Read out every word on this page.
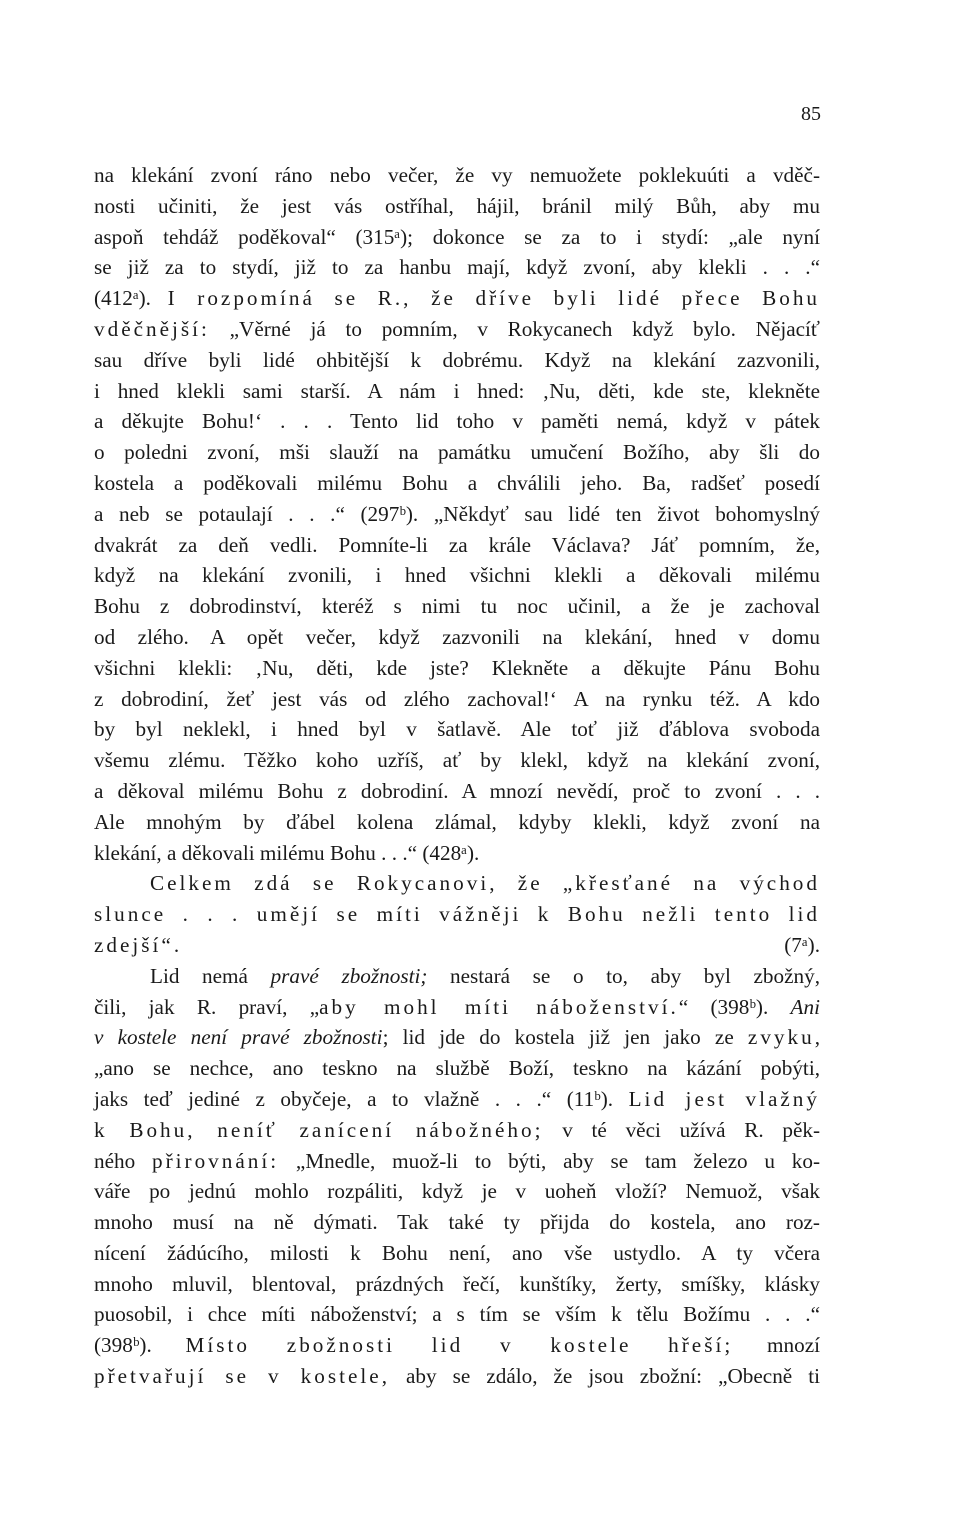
85
na klekání zvoní ráno nebo večer, že vy nemuožete poklekuúti a vděč-
nosti učiniti, že jest vás ostříhal, hájil, bránil milý Bůh, aby mu
aspoň tehdáž poděkoval“ (315ᵃ); dokonce se za to i stydí: „ale nyní
se již za to stydí, již to za hanbu mají, když zvoní, aby klekli . . .“
(412ᵃ). I rozpomíná se R., že dříve byli lidé přece Bohu
vděčnější: „Věrné já to pomním, v Rokycanech když bylo. Nějacíť
sau dříve byli lidé ohbitější k dobrému. Když na klekání zazvonili,
i hned klekli sami starší. A nám i hned: ‚Nu, děti, kde ste, klekněte
a děkujte Bohu!‘ . . . Tento lid toho v paměti nemá, když v pátek
o poledni zvoní, mši slauží na památku umučení Božího, aby šli do
kostela a poděkovali milému Bohu a chválili jeho. Ba, radšeť posedí
a neb se potaulají . . .“ (297ᵇ). „Někdyť sau lidé ten život bohomyslný
dvakrát za deň vedli. Pomníte-li za krále Václava? Jáť pomním, že,
když na klekání zvonili, i hned všichni klekli a děkovali milému
Bohu z dobrodinství, kteréž s nimi tu noc učinil, a že je zachoval
od zlého. A opět večer, když zazvonili na klekání, hned v domu
všichni klekli: ‚Nu, děti, kde jste? Klekněte a děkujte Pánu Bohu
z dobrodiní, žeť jest vás od zlého zachoval!‘ A na rynku též. A kdo
by byl neklekl, i hned byl v šatlavě. Ale toť již ďáblova svoboda
všemu zlému. Těžko koho uzříš, ať by klekl, když na klekání zvoní,
a děkoval milému Bohu z dobrodiní. A mnozí nevědí, proč to zvoní . . .
Ale mnohým by ďábel kolena zlámal, kdyby klekli, když zvoní na
klekání, a děkovali milému Bohu . . .“ (428ᵃ).
Celkem zdá se Rokycanovi, že „křesťané na východ
slunce . . . umějí se míti vážněji k Bohu nežli tento lid
zdejší“. (7ᵃ).
Lid nemá pravé zbožnosti; nestará se o to, aby byl zbožný,
čili, jak R. praví, „aby mohl míti náboženství.“ (398ᵇ). Ani
v kostele není pravé zbožnosti; lid jde do kostela již jen jako ze zvyku,
„ano se nechce, ano teskno na službě Boží, teskno na kázání pobýti,
jaks teď jediné z obyčeje, a to vlažně . . .“ (11ᵇ). Lid jest vlažný
k Bohu, neníť zanícení nábožného; v té věci užívá R. pěk-
ného přirovnání: „Mnedle, muož-li to býti, aby se tam železo u ko-
váře po jednú mohlo rozpáliti, když je v uoheň vloží? Nemuož, však
mnoho musí na ně dýmati. Tak také ty přijda do kostela, ano roz-
nícení žádúcího, milosti k Bohu není, ano vše ustydlo. A ty včera
mnoho mluvil, blentoval, prázdných řečí, kunštíky, žerty, smíšky, klásky
puosobil, i chce míti náboženství; a s tím se vším k tělu Božímu . . .“
(398ᵇ). Místo zbožnosti lid v kostele hřeší; mnozí
přetvařují se v kostele, aby se zdálo, že jsou zbožní: „Obecně ti
